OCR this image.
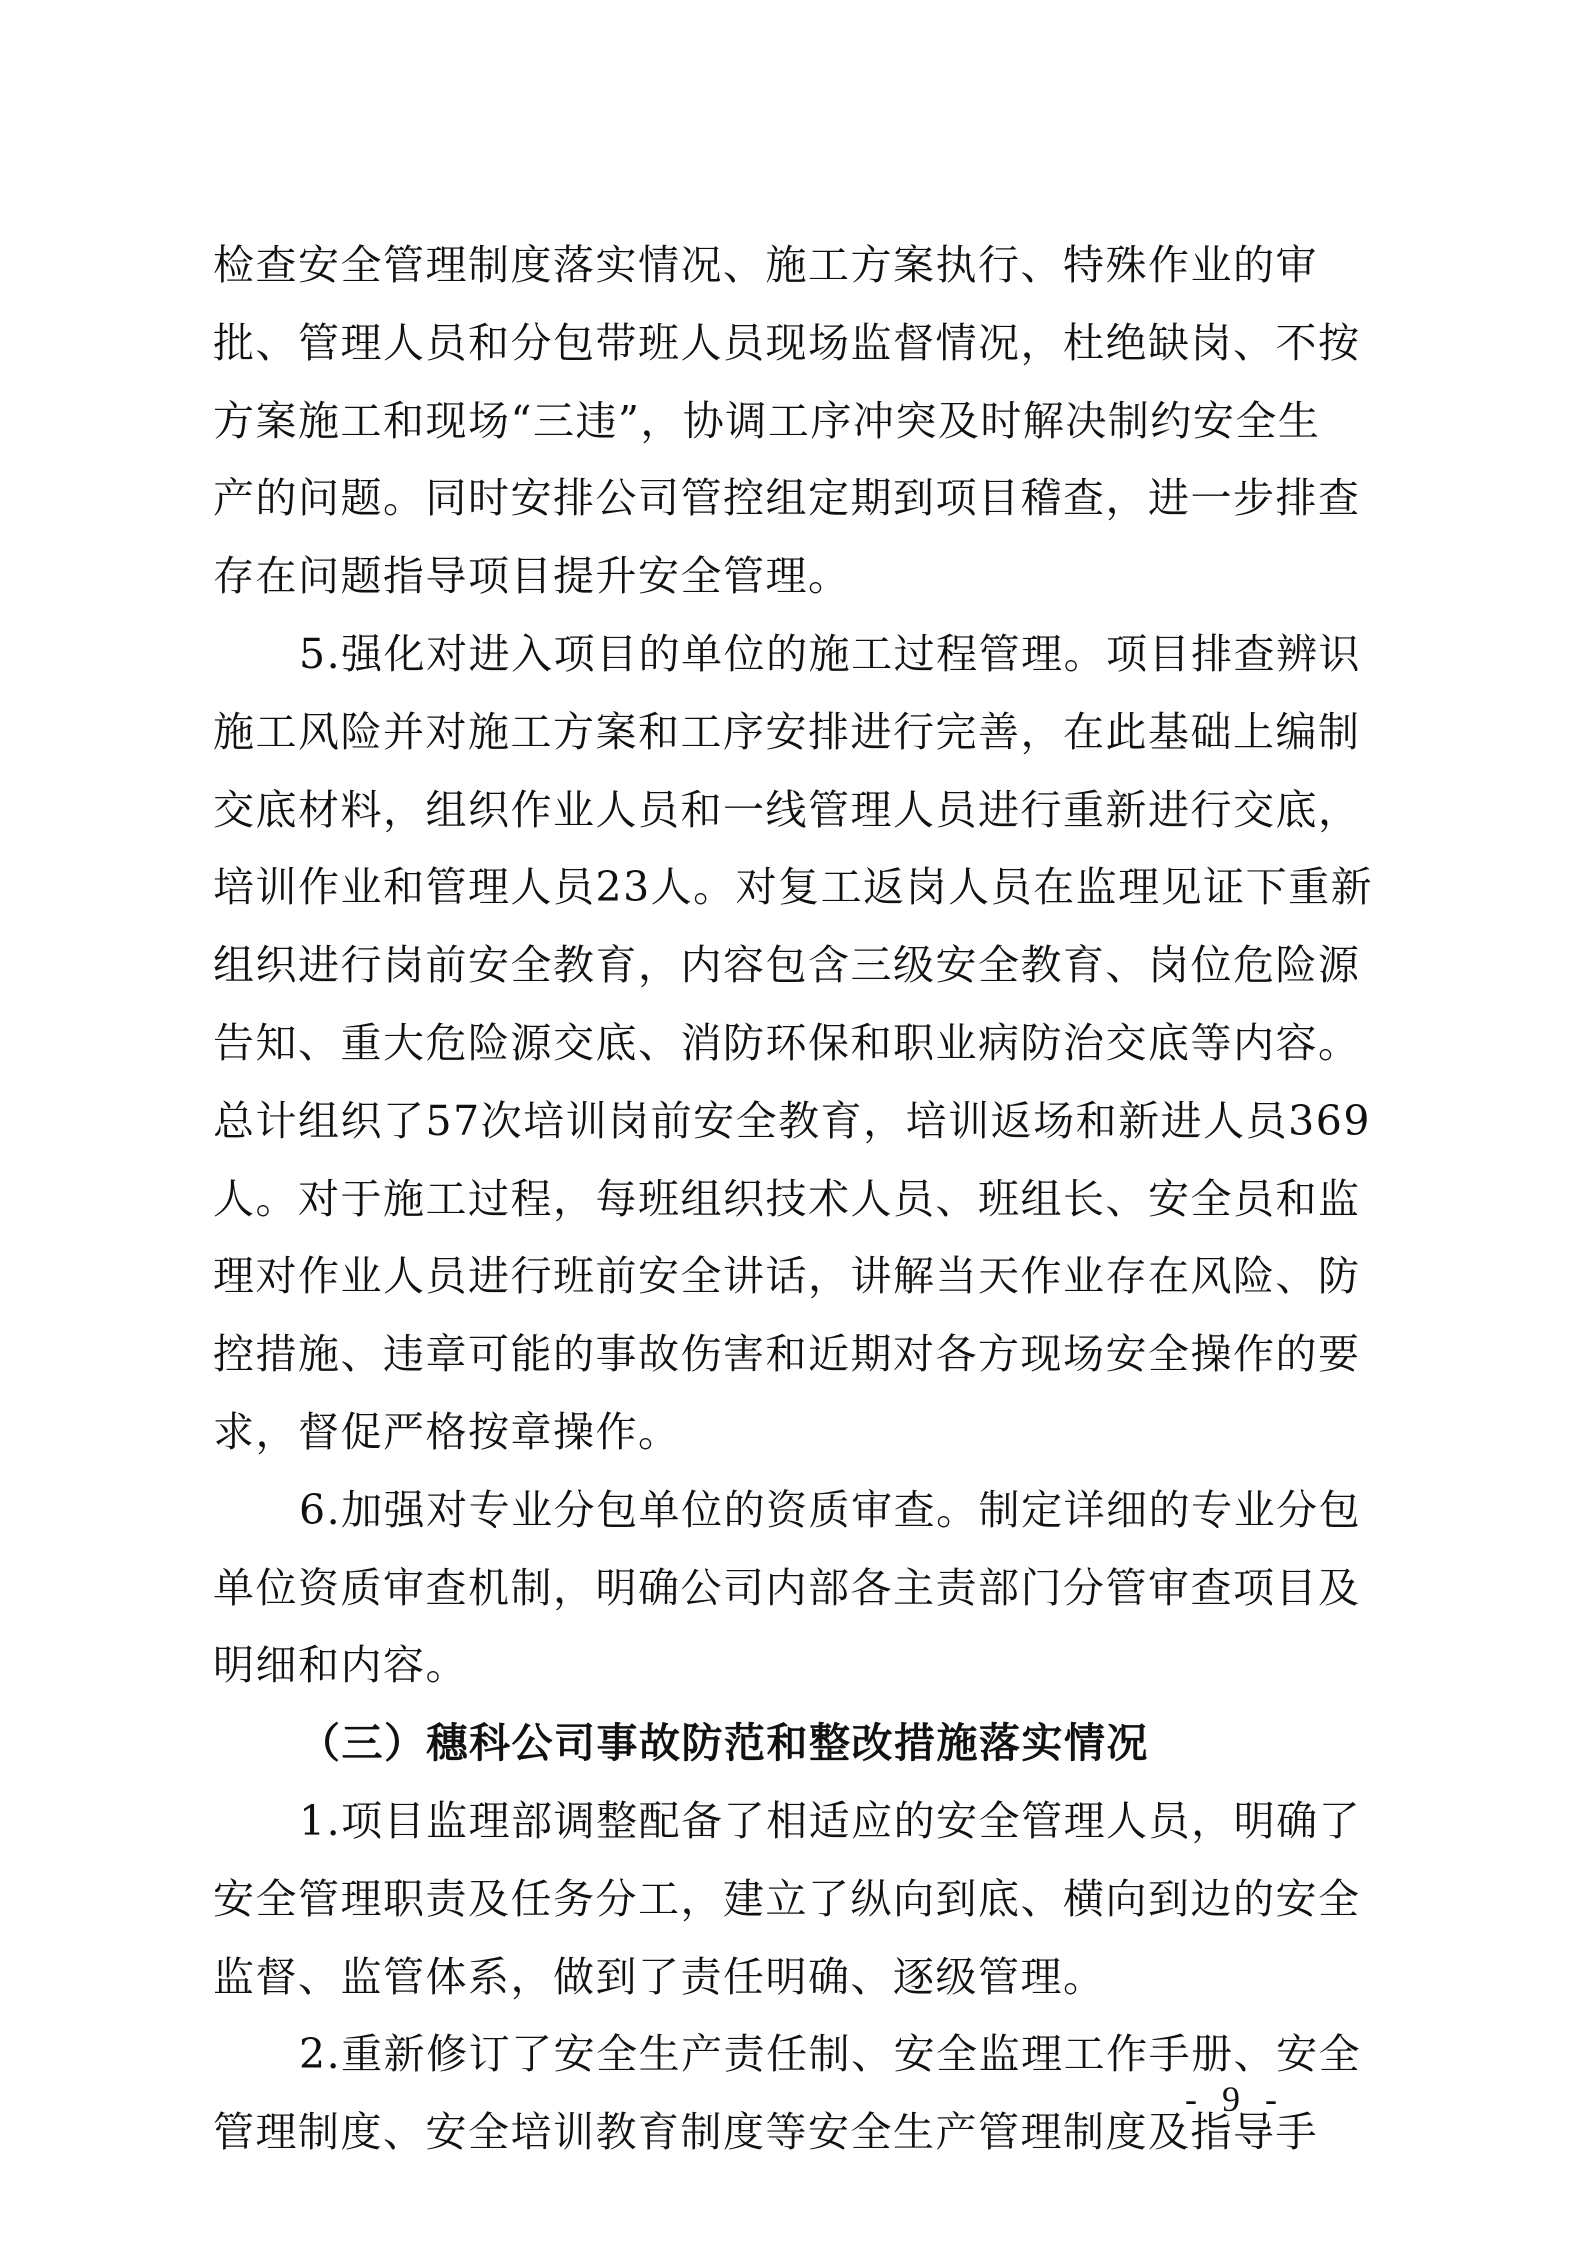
检查安全管理制度落实情况、施工方案执行、特殊作业的审
批、管理人员和分包带班人员现场监督情况，杜绝缺岗、不按
方案施工和现场“三违”，协调工序冲突及时解决制约安全生
产的问题。同时安排公司管控组定期到项目稽查，进一步排查
存在问题指导项目提升安全管理。
5.强化对进入项目的单位的施工过程管理。项目排查辨识
施工风险并对施工方案和工序安排进行完善，在此基础上编制
交底材料，组织作业人员和一线管理人员进行重新进行交底，
培训作业和管理人员23人。对复工返岗人员在监理见证下重新
组织进行岗前安全教育，内容包含三级安全教育、岗位危险源
告知、重大危险源交底、消防环保和职业病防治交底等内容。
总计组织了57次培训岗前安全教育，培训返场和新进人员369
人。对于施工过程，每班组织技术人员、班组长、安全员和监
理对作业人员进行班前安全讲话，讲解当天作业存在风险、防
控措施、违章可能的事故伤害和近期对各方现场安全操作的要
求，督促严格按章操作。
6.加强对专业分包单位的资质审查。制定详细的专业分包
单位资质审查机制，明确公司内部各主责部门分管审查项目及
明细和内容。
（三）穗科公司事故防范和整改措施落实情况
1.项目监理部调整配备了相适应的安全管理人员，明确了
安全管理职责及任务分工，建立了纵向到底、横向到边的安全
监督、监管体系，做到了责任明确、逐级管理。
2.重新修订了安全生产责任制、安全监理工作手册、安全
管理制度、安全培训教育制度等安全生产管理制度及指导手
- 9 -
